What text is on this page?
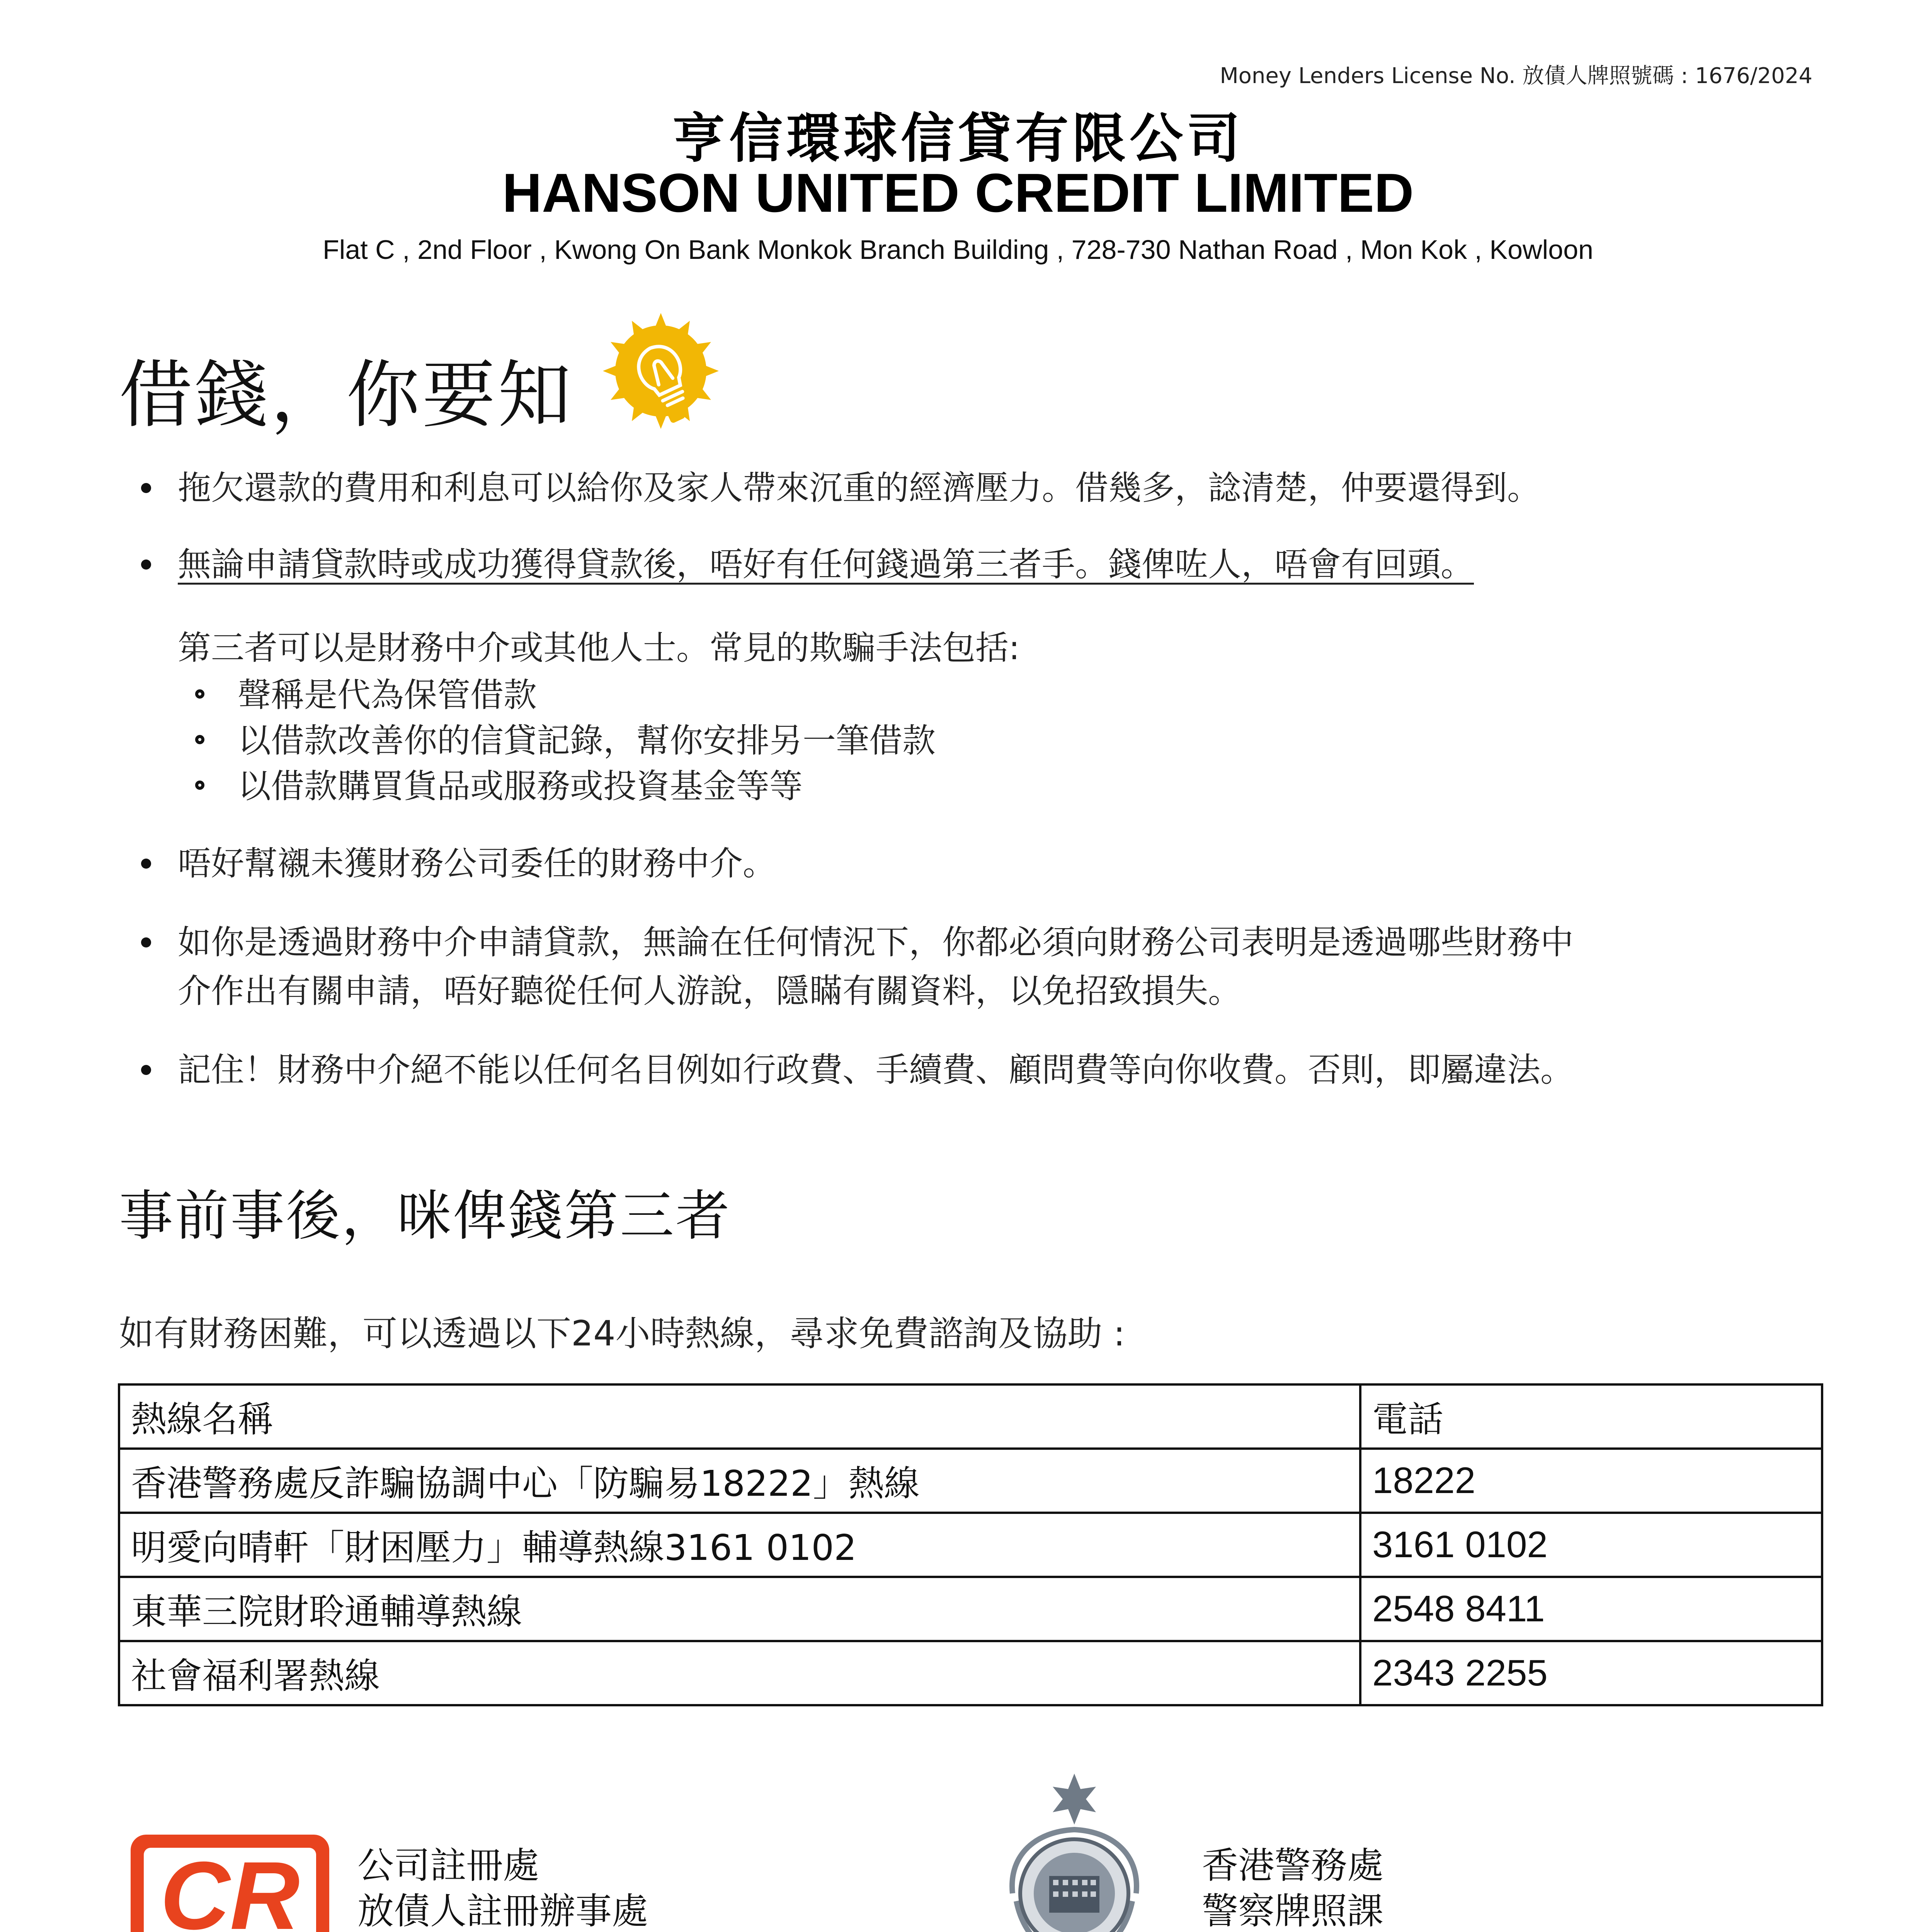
Money Lenders License No. 放債人牌照號碼 : 1676/2024
亨信環球信貸有限公司
HANSON UNITED CREDIT LIMITED
Flat C , 2nd Floor , Kwong On Bank Monkok Branch Building , 728-730 Nathan Road , Mon Kok , Kowloon
借錢，你要知
拖欠還款的費用和利息可以給你及家人帶來沉重的經濟壓力。借幾多，諗清楚，仲要還得到。
無論申請貸款時或成功獲得貸款後，唔好有任何錢過第三者手。錢俾咗人，唔會有回頭。
第三者可以是財務中介或其他人士。常見的欺騙手法包括:
聲稱是代為保管借款
以借款改善你的信貸記錄，幫你安排另一筆借款
以借款購買貨品或服務或投資基金等等
唔好幫襯未獲財務公司委任的財務中介。
如你是透過財務中介申請貸款，無論在任何情況下，你都必須向財務公司表明是透過哪些財務中
介作出有關申請，唔好聽從任何人游說，隱瞞有關資料，以免招致損失。
記住！財務中介絕不能以任何名目例如行政費、手續費、顧問費等向你收費。否則，即屬違法。
事前事後，咪俾錢第三者
如有財務困難，可以透過以下24小時熱線，尋求免費諮詢及協助 :
熱線名稱	電話
香港警務處反詐騙協調中心「防騙易18222」熱線	18222
明愛向晴軒「財困壓力」輔導熱線3161 0102	3161 0102
東華三院財聆通輔導熱線	2548 8411
社會福利署熱線	2343 2255
CR 公司註冊處
放債人註冊辦事處
香港警務處
警察牌照課
